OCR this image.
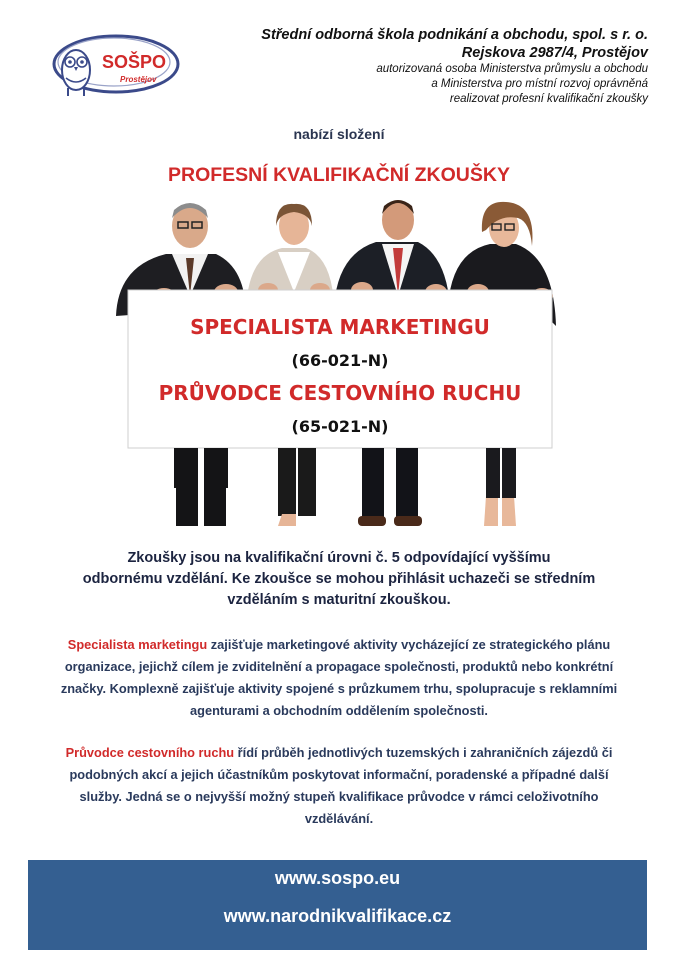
SOŠPO
Prostějov
Střední odborná škola podnikání a obchodu, spol. s r. o.
Rejskova 2987/4, Prostějov
autorizovaná osoba Ministerstva průmyslu a obchodu
a Ministerstva pro místní rozvoj oprávněná
realizovat profesní kvalifikační zkoušky
nabízí složení
PROFESNÍ KVALIFIKAČNÍ ZKOUŠKY
SPECIALISTA MARKETINGU
(66-021-N)
PRŮVODCE CESTOVNÍHO RUCHU
(65-021-N)
Zkoušky jsou na kvalifikační úrovni č. 5 odpovídající vyššímu
odbornému vzdělání. Ke zkoušce se mohou přihlásit uchazeči se středním
vzděláním s maturitní zkouškou.
Specialista marketingu zajišťuje marketingové aktivity vycházející ze strategického plánu
organizace, jejichž cílem je zviditelnění a propagace společnosti, produktů nebo konkrétní
značky. Komplexně zajišťuje aktivity spojené s průzkumem trhu, spolupracuje s reklamními
agenturami a obchodním oddělením společnosti.
Průvodce cestovního ruchu řídí průběh jednotlivých tuzemských i zahraničních zájezdů či
podobných akcí a jejich účastníkům poskytovat informační, poradenské a případné další
služby. Jedná se o nejvyšší možný stupeň kvalifikace průvodce v rámci celoživotního
vzdělávání.
www.sospo.eu
www.narodnikvalifikace.cz
